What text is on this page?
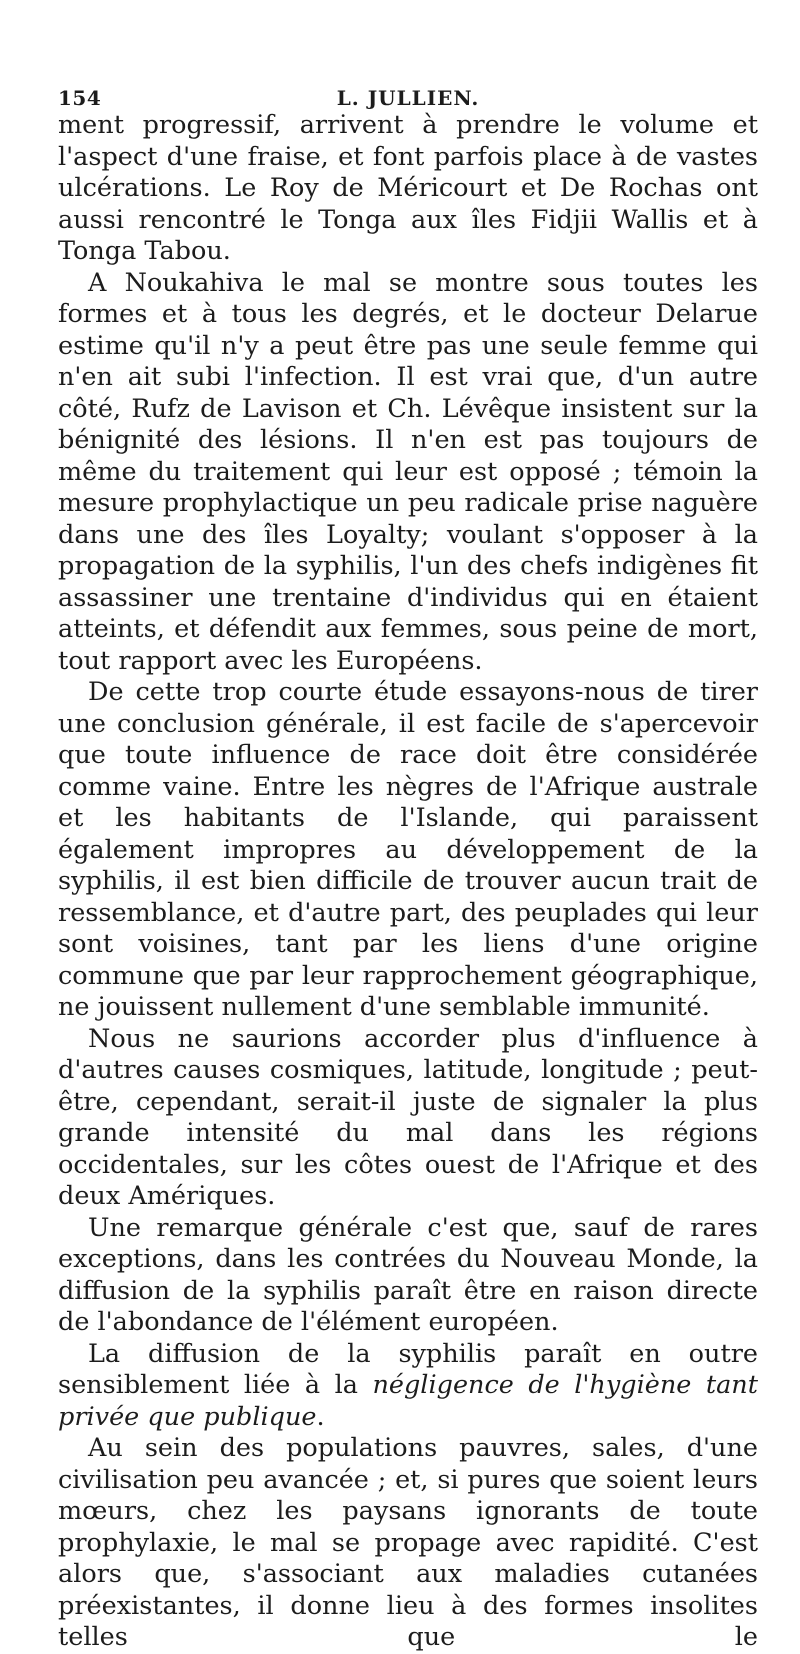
154	L. JULLIEN.

ment progressif, arrivent à prendre le volume et l'aspect d'une fraise, et font parfois place à de vastes ulcérations. Le Roy de Méricourt et De Rochas ont aussi rencontré le Tonga aux îles Fidjii Wallis et à Tonga Tabou.

A Noukahiva le mal se montre sous toutes les formes et à tous les degrés, et le docteur Delarue estime qu'il n'y a peut être pas une seule femme qui n'en ait subi l'infection. Il est vrai que, d'un autre côté, Rufz de Lavison et Ch. Lévêque insistent sur la bénignité des lésions. Il n'en est pas toujours de même du traitement qui leur est opposé ; témoin la mesure prophylactique un peu radicale prise naguère dans une des îles Loyalty; voulant s'opposer à la propagation de la syphilis, l'un des chefs indigènes fit assassiner une trentaine d'individus qui en étaient atteints, et défendit aux femmes, sous peine de mort, tout rapport avec les Européens.

De cette trop courte étude essayons-nous de tirer une conclusion générale, il est facile de s'apercevoir que toute influence de race doit être considérée comme vaine. Entre les nègres de l'Afrique australe et les habitants de l'Islande, qui paraissent également impropres au développement de la syphilis, il est bien difficile de trouver aucun trait de ressemblance, et d'autre part, des peuplades qui leur sont voisines, tant par les liens d'une origine commune que par leur rapprochement géographique, ne jouissent nullement d'une semblable immunité.

Nous ne saurions accorder plus d'influence à d'autres causes cosmiques, latitude, longitude ; peut-être, cependant, serait-il juste de signaler la plus grande intensité du mal dans les régions occidentales, sur les côtes ouest de l'Afrique et des deux Amériques.

Une remarque générale c'est que, sauf de rares exceptions, dans les contrées du Nouveau Monde, la diffusion de la syphilis paraît être en raison directe de l'abondance de l'élément européen.

La diffusion de la syphilis paraît en outre sensiblement liée à la négligence de l'hygiène tant privée que publique.

Au sein des populations pauvres, sales, d'une civilisation peu avancée ; et, si pures que soient leurs mœurs, chez les paysans ignorants de toute prophylaxie, le mal se propage avec rapidité. C'est alors que, s'associant aux maladies cutanées préexistantes, il donne lieu à des formes insolites telles que le
